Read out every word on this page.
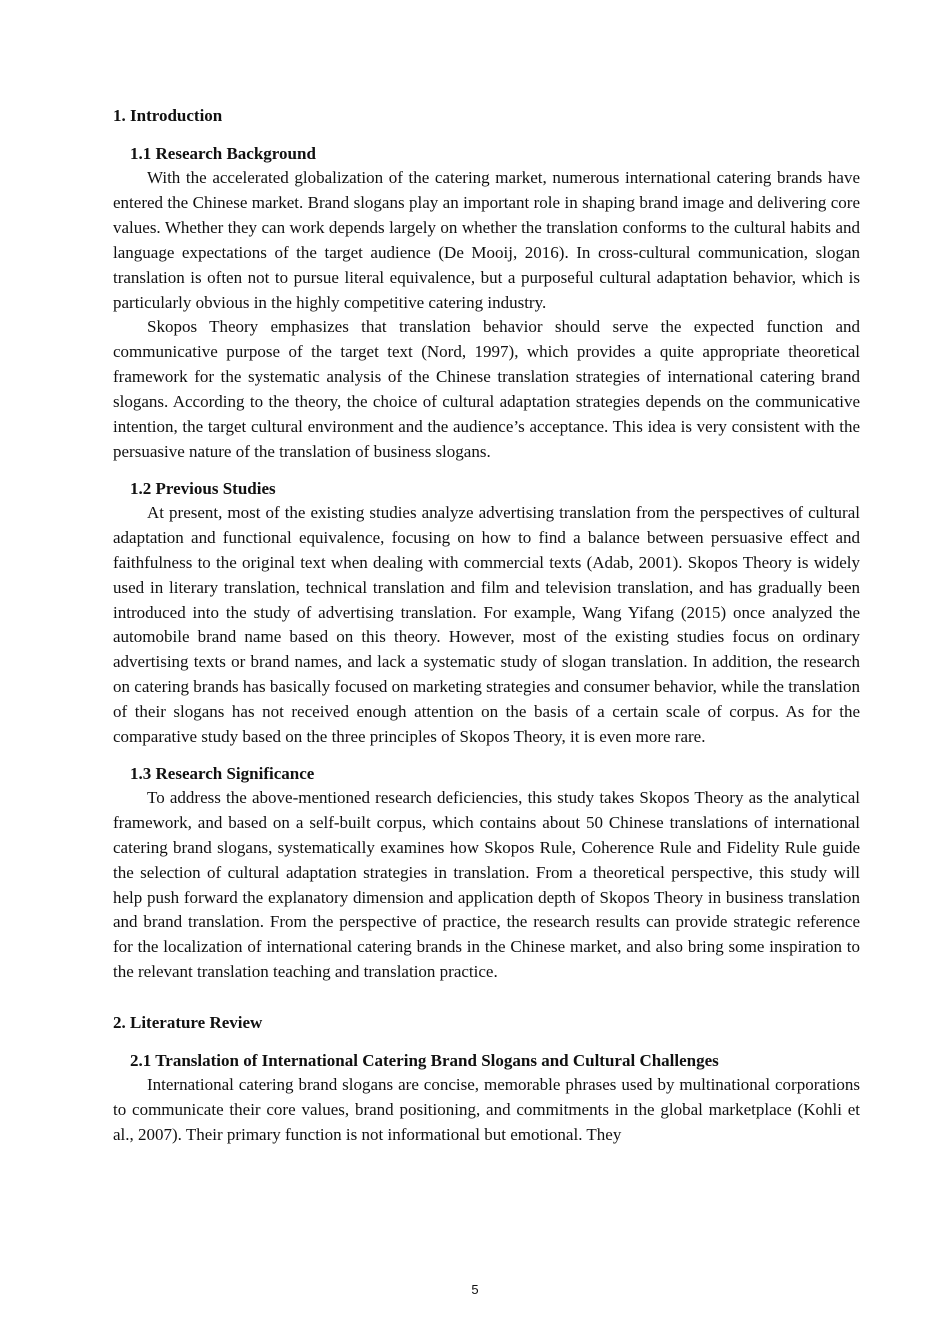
1. Introduction
1.1 Research Background

With the accelerated globalization of the catering market, numerous international catering brands have entered the Chinese market. Brand slogans play an important role in shaping brand image and delivering core values. Whether they can work depends largely on whether the translation conforms to the cultural habits and language expectations of the target audience (De Mooij, 2016). In cross-cultural communication, slogan translation is often not to pursue literal equivalence, but a purposeful cultural adaptation behavior, which is particularly obvious in the highly competitive catering industry.

Skopos Theory emphasizes that translation behavior should serve the expected function and communicative purpose of the target text (Nord, 1997), which provides a quite appropriate theoretical framework for the systematic analysis of the Chinese translation strategies of international catering brand slogans. According to the theory, the choice of cultural adaptation strategies depends on the communicative intention, the target cultural environment and the audience’s acceptance. This idea is very consistent with the persuasive nature of the translation of business slogans.

1.2 Previous Studies

At present, most of the existing studies analyze advertising translation from the perspectives of cultural adaptation and functional equivalence, focusing on how to find a balance between persuasive effect and faithfulness to the original text when dealing with commercial texts (Adab, 2001). Skopos Theory is widely used in literary translation, technical translation and film and television translation, and has gradually been introduced into the study of advertising translation. For example, Wang Yifang (2015) once analyzed the automobile brand name based on this theory. However, most of the existing studies focus on ordinary advertising texts or brand names, and lack a systematic study of slogan translation. In addition, the research on catering brands has basically focused on marketing strategies and consumer behavior, while the translation of their slogans has not received enough attention on the basis of a certain scale of corpus. As for the comparative study based on the three principles of Skopos Theory, it is even more rare.

1.3 Research Significance

To address the above-mentioned research deficiencies, this study takes Skopos Theory as the analytical framework, and based on a self-built corpus, which contains about 50 Chinese translations of international catering brand slogans, systematically examines how Skopos Rule, Coherence Rule and Fidelity Rule guide the selection of cultural adaptation strategies in translation. From a theoretical perspective, this study will help push forward the explanatory dimension and application depth of Skopos Theory in business translation and brand translation. From the perspective of practice, the research results can provide strategic reference for the localization of international catering brands in the Chinese market, and also bring some inspiration to the relevant translation teaching and translation practice.

2. Literature Review
2.1 Translation of International Catering Brand Slogans and Cultural Challenges

International catering brand slogans are concise, memorable phrases used by multinational corporations to communicate their core values, brand positioning, and commitments in the global marketplace (Kohli et al., 2007). Their primary function is not informational but emotional. They

5
